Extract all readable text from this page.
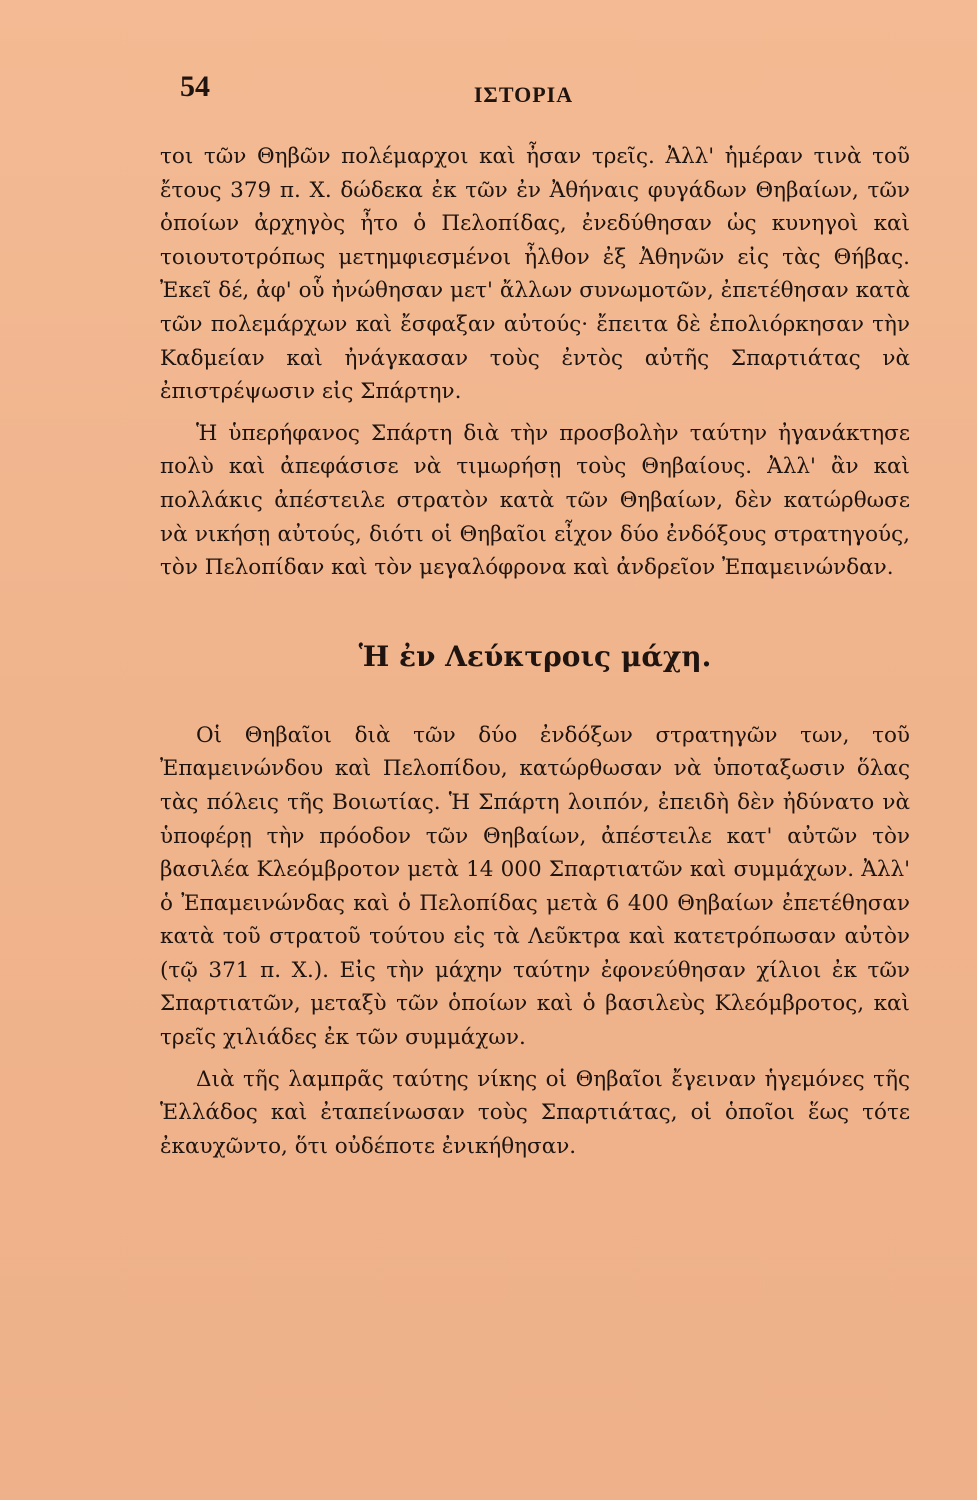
54	ΙΣΤΟΡΙΑ

τοι τῶν Θηβῶν πολέμαρχοι καὶ ἦσαν τρεῖς. Ἀλλ' ἡμέραν τινὰ τοῦ ἔτους 379 π. Χ. δώδεκα ἐκ τῶν ἐν Ἀθήναις φυγάδων Θηβαίων, τῶν ὁποίων ἀρχηγὸς ἦτο ὁ Πελοπίδας, ἐνεδύθησαν ὡς κυνηγοὶ καὶ τοιουτοτρόπως μετημφιεσμένοι ἦλθον ἐξ Ἀθηνῶν εἰς τὰς Θήβας. Ἐκεῖ δέ, ἀφ' οὗ ἠνώθησαν μετ' ἄλλων συνωμοτῶν, ἐπετέθησαν κατὰ τῶν πολεμάρχων καὶ ἔσφαξαν αὐτούς· ἔπειτα δὲ ἐπολιόρκησαν τὴν Καδμείαν καὶ ἠνάγκασαν τοὺς ἐντὸς αὐτῆς Σπαρτιάτας νὰ ἐπιστρέψωσιν εἰς Σπάρτην.

Ἡ ὑπερήφανος Σπάρτη διὰ τὴν προσβολὴν ταύτην ἠγανάκτησε πολὺ καὶ ἀπεφάσισε νὰ τιμωρήσῃ τοὺς Θηβαίους. Ἀλλ' ἂν καὶ πολλάκις ἀπέστειλε στρατὸν κατὰ τῶν Θηβαίων, δὲν κατώρθωσε νὰ νικήσῃ αὐτούς, διότι οἱ Θηβαῖοι εἶχον δύο ἐνδόξους στρατηγούς, τὸν Πελοπίδαν καὶ τὸν μεγαλόφρονα καὶ ἀνδρεῖον Ἐπαμεινώνδαν.

Ἡ ἐν Λεύκτροις μάχη.

Οἱ Θηβαῖοι διὰ τῶν δύο ἐνδόξων στρατηγῶν των, τοῦ Ἐπαμεινώνδου καὶ Πελοπίδου, κατώρθωσαν νὰ ὑποταξωσιν ὅλας τὰς πόλεις τῆς Βοιωτίας. Ἡ Σπάρτη λοιπόν, ἐπειδὴ δὲν ἠδύνατο νὰ ὑποφέρῃ τὴν πρόοδον τῶν Θηβαίων, ἀπέστειλε κατ' αὐτῶν τὸν βασιλέα Κλεόμβροτον μετὰ 14 000 Σπαρτιατῶν καὶ συμμάχων. Ἀλλ' ὁ Ἐπαμεινώνδας καὶ ὁ Πελοπίδας μετὰ 6 400 Θηβαίων ἐπετέθησαν κατὰ τοῦ στρατοῦ τούτου εἰς τὰ Λεῦκτρα καὶ κατετρόπωσαν αὐτὸν (τῷ 371 π. Χ.). Εἰς τὴν μάχην ταύτην ἐφονεύθησαν χίλιοι ἐκ τῶν Σπαρτιατῶν, μεταξὺ τῶν ὁποίων καὶ ὁ βασιλεὺς Κλεόμβροτος, καὶ τρεῖς χιλιάδες ἐκ τῶν συμμάχων.

Διὰ τῆς λαμπρᾶς ταύτης νίκης οἱ Θηβαῖοι ἔγειναν ἡγεμόνες τῆς Ἑλλάδος καὶ ἐταπείνωσαν τοὺς Σπαρτιάτας, οἱ ὁποῖοι ἕως τότε ἐκαυχῶντο, ὅτι οὐδέποτε ἐνικήθησαν.
